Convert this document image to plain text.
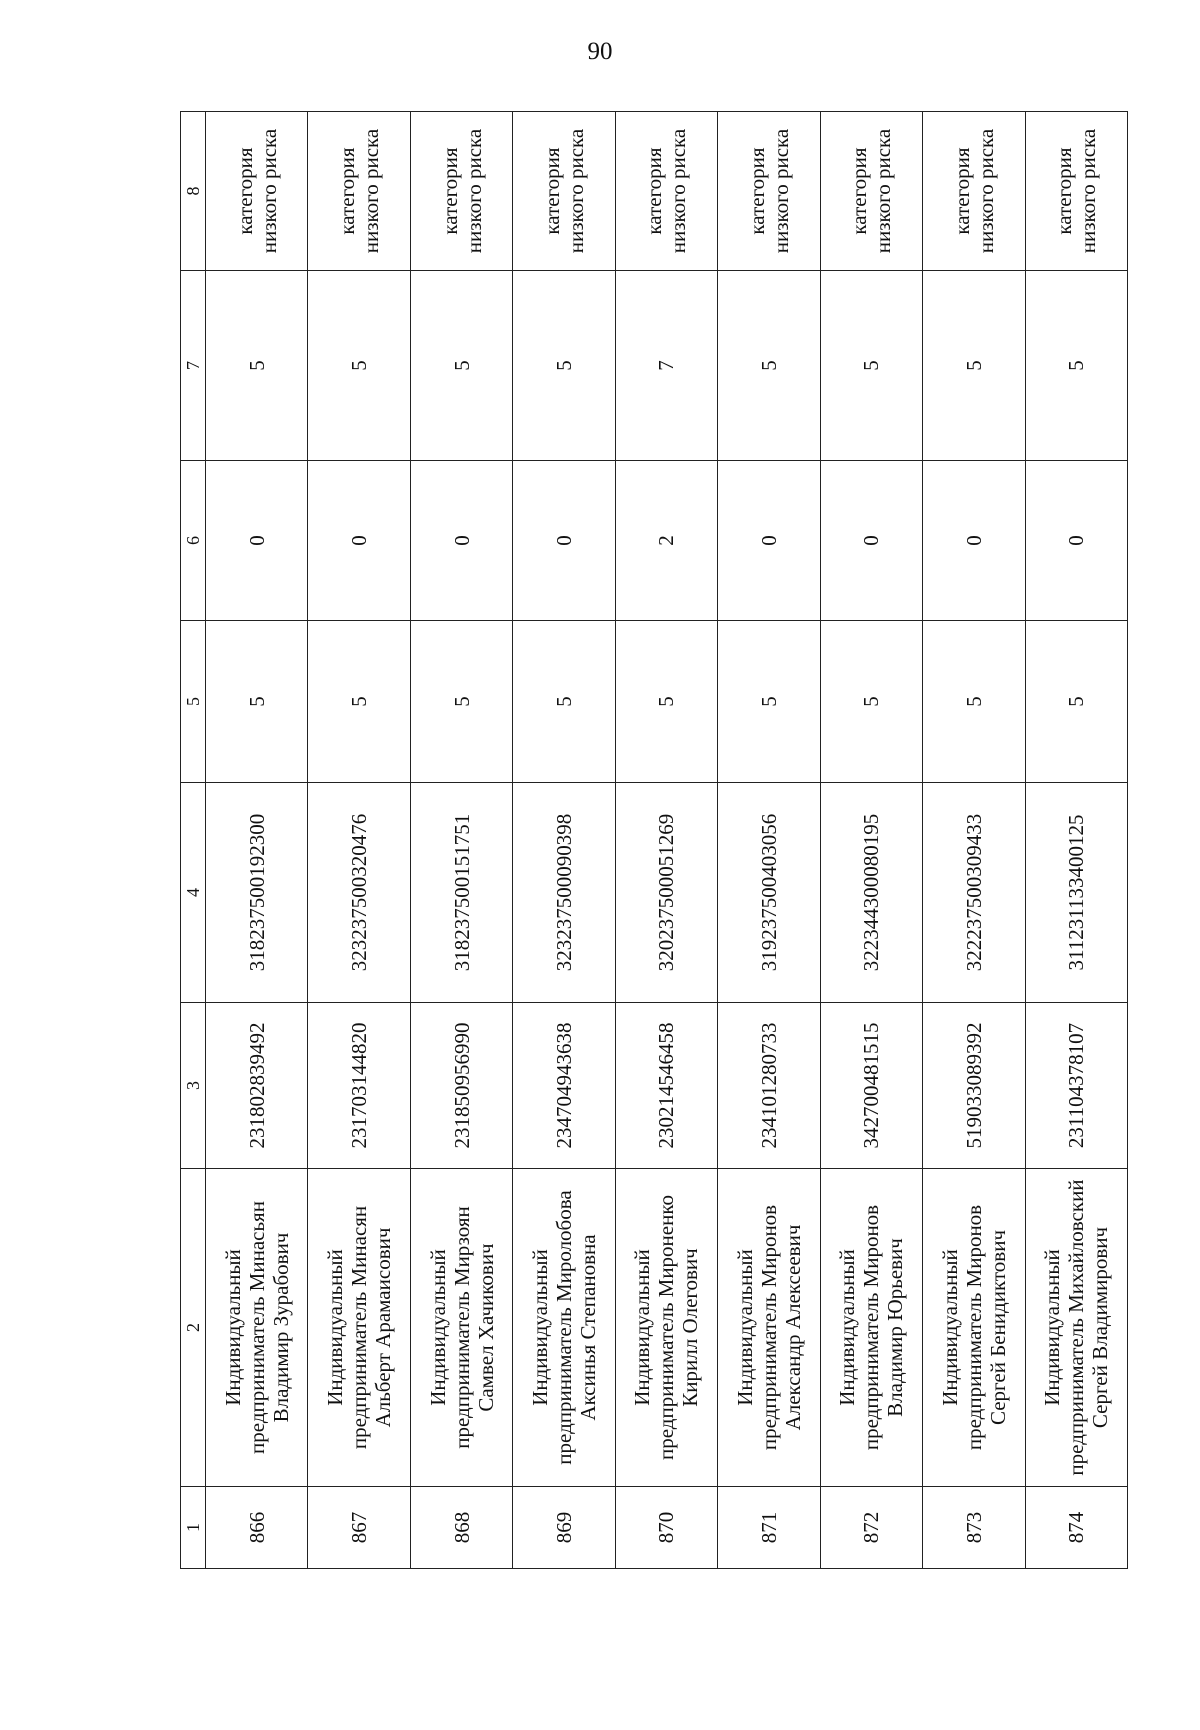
90
1	2	3	4	5	6	7	8
866	Индивидуальный предприниматель Минасьян Владимир Зурабович	231802839492	318237500192300	5	0	5	категория низкого риска
867	Индивидуальный предприниматель Минасян Альберт Арамаисович	231703144820	323237500320476	5	0	5	категория низкого риска
868	Индивидуальный предприниматель Мирзоян Самвел Хачикович	231850956990	318237500151751	5	0	5	категория низкого риска
869	Индивидуальный предприниматель Миролобова Аксинья Степановна	234704943638	323237500090398	5	0	5	категория низкого риска
870	Индивидуальный предприниматель Мироненко Кирилл Олегович	230214546458	320237500051269	5	2	7	категория низкого риска
871	Индивидуальный предприниматель Миронов Александр Алексеевич	234101280733	319237500403056	5	0	5	категория низкого риска
872	Индивидуальный предприниматель Миронов Владимир Юрьевич	342700481515	322344300080195	5	0	5	категория низкого риска
873	Индивидуальный предприниматель Миронов Сергей Бенидиктович	519033089392	322237500309433	5	0	5	категория низкого риска
874	Индивидуальный предприниматель Михайловский Сергей Владимирович	231104378107	311231133400125	5	0	5	категория низкого риска
